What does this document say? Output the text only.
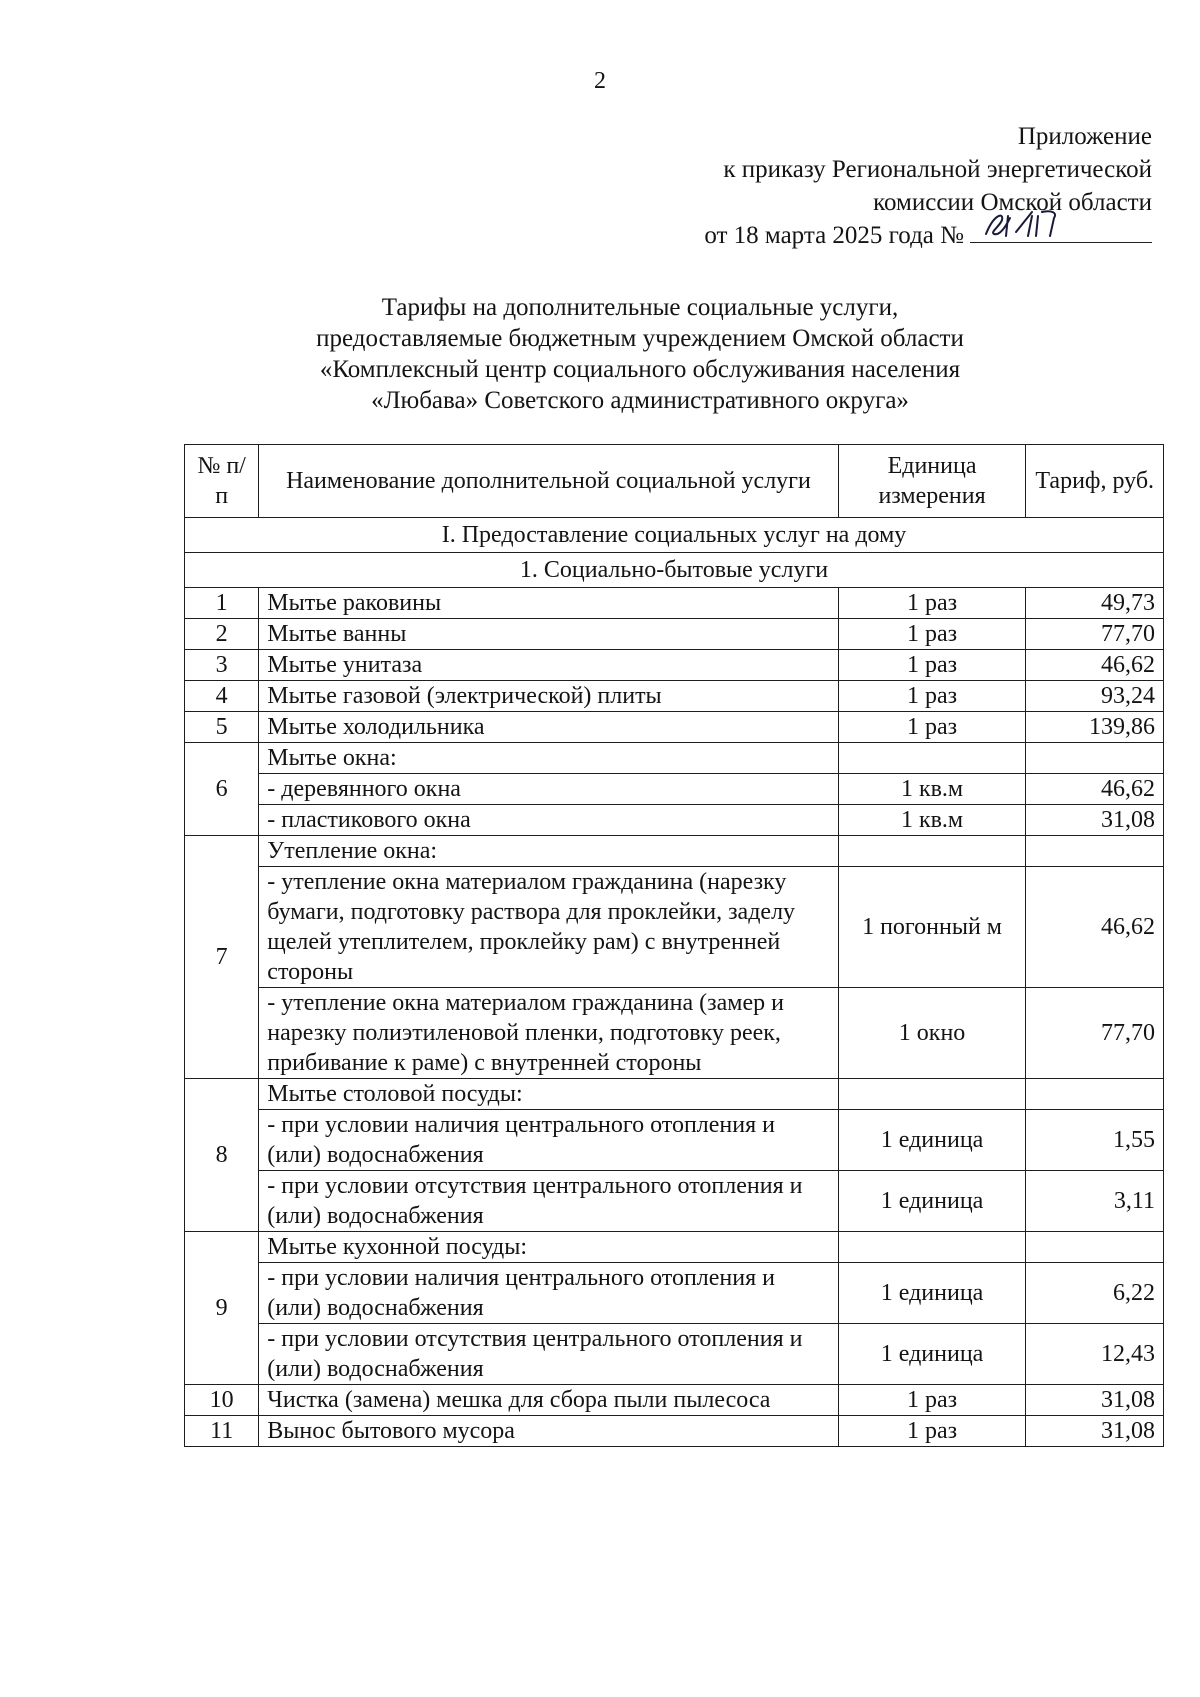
2
Приложение
к приказу Региональной энергетической
комиссии Омской области
от 18 марта 2025 года №
Тарифы на дополнительные социальные услуги,
предоставляемые бюджетным учреждением Омской области
«Комплексный центр социального обслуживания населения
«Любава» Советского административного округа»
№ п/п	Наименование дополнительной социальной услуги	Единица измерения	Тариф, руб.
I. Предоставление социальных услуг на дому			
1. Социально-бытовые услуги			
1	Мытье раковины	1 раз	49,73
2	Мытье ванны	1 раз	77,70
3	Мытье унитаза	1 раз	46,62
4	Мытье газовой (электрической) плиты	1 раз	93,24
5	Мытье холодильника	1 раз	139,86
6	Мытье окна:		
	- деревянного окна	1 кв.м	46,62
	- пластикового окна	1 кв.м	31,08
7	Утепление окна:		
	- утепление окна материалом гражданина (нарезку бумаги, подготовку раствора для проклейки, заделу щелей утеплителем, проклейку рам) с внутренней стороны	1 погонный м	46,62
	- утепление окна материалом гражданина (замер и нарезку полиэтиленовой пленки, подготовку реек, прибивание к раме) с внутренней стороны	1 окно	77,70
8	Мытье столовой посуды:		
	- при условии наличия центрального отопления и (или) водоснабжения	1 единица	1,55
	- при условии отсутствия центрального отопления и (или) водоснабжения	1 единица	3,11
9	Мытье кухонной посуды:		
	- при условии наличия центрального отопления и (или) водоснабжения	1 единица	6,22
	- при условии отсутствия центрального отопления и (или) водоснабжения	1 единица	12,43
10	Чистка (замена) мешка для сбора пыли пылесоса	1 раз	31,08
11	Вынос бытового мусора	1 раз	31,08
